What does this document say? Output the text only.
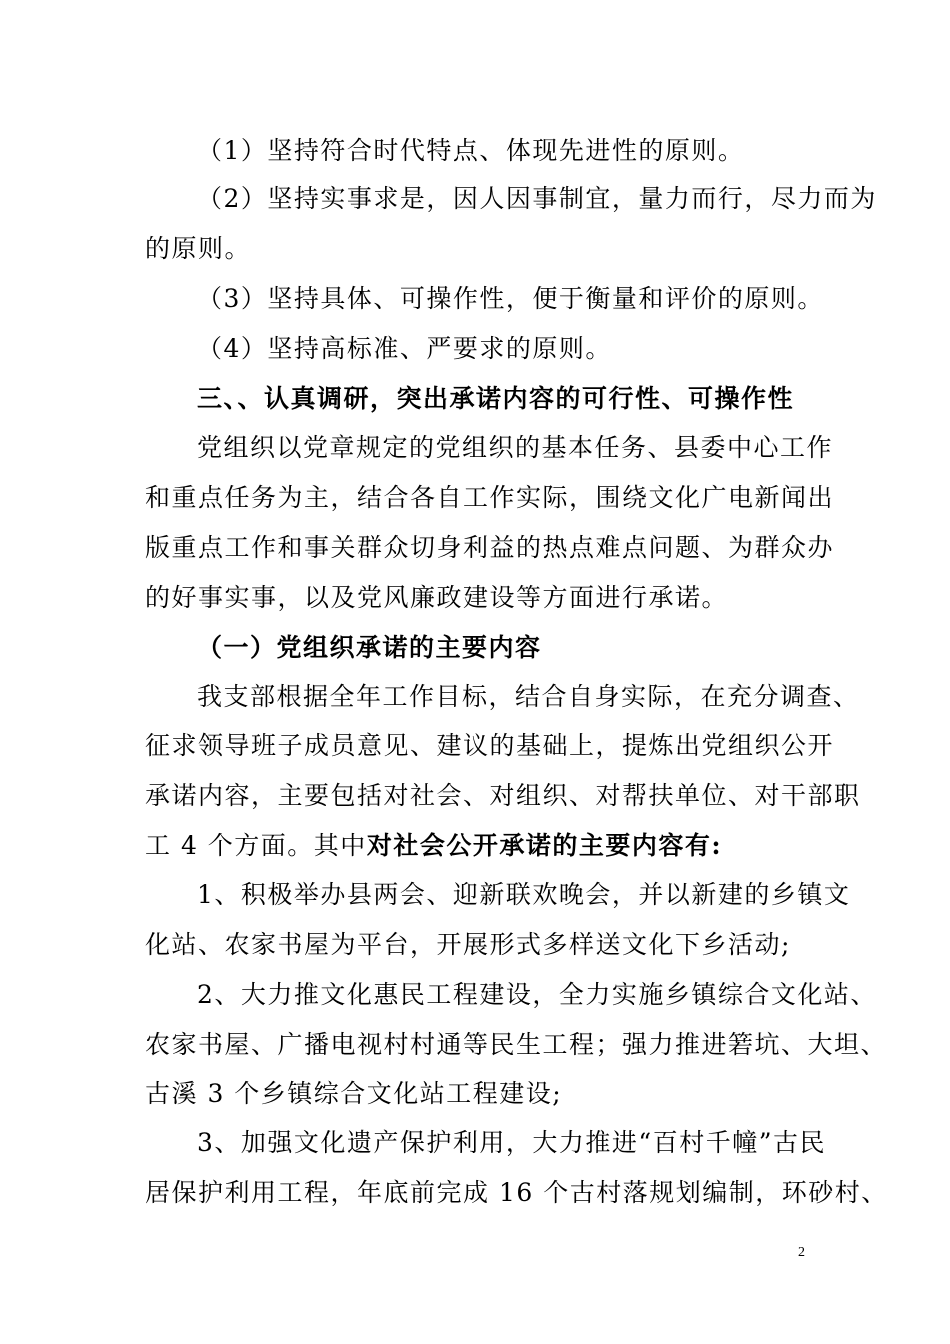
（1）坚持符合时代特点、体现先进性的原则。
（2）坚持实事求是，因人因事制宜，量力而行，尽力而为
的原则。
（3）坚持具体、可操作性，便于衡量和评价的原则。
（4）坚持高标准、严要求的原则。
三、、认真调研，突出承诺内容的可行性、可操作性
党组织以党章规定的党组织的基本任务、县委中心工作
和重点任务为主，结合各自工作实际，围绕文化广电新闻出
版重点工作和事关群众切身利益的热点难点问题、为群众办
的好事实事，以及党风廉政建设等方面进行承诺。
（一）党组织承诺的主要内容
我支部根据全年工作目标，结合自身实际，在充分调查、
征求领导班子成员意见、建议的基础上，提炼出党组织公开
承诺内容，主要包括对社会、对组织、对帮扶单位、对干部职
工 4 个方面。其中对社会公开承诺的主要内容有:
1、积极举办县两会、迎新联欢晚会，并以新建的乡镇文
化站、农家书屋为平台，开展形式多样送文化下乡活动;
2、大力推文化惠民工程建设，全力实施乡镇综合文化站、
农家书屋、广播电视村村通等民生工程；强力推进箬坑、大坦、
古溪 3 个乡镇综合文化站工程建设;
3、加强文化遗产保护利用，大力推进“百村千幢”古民
居保护利用工程，年底前完成 16 个古村落规划编制，环砂村、
2
